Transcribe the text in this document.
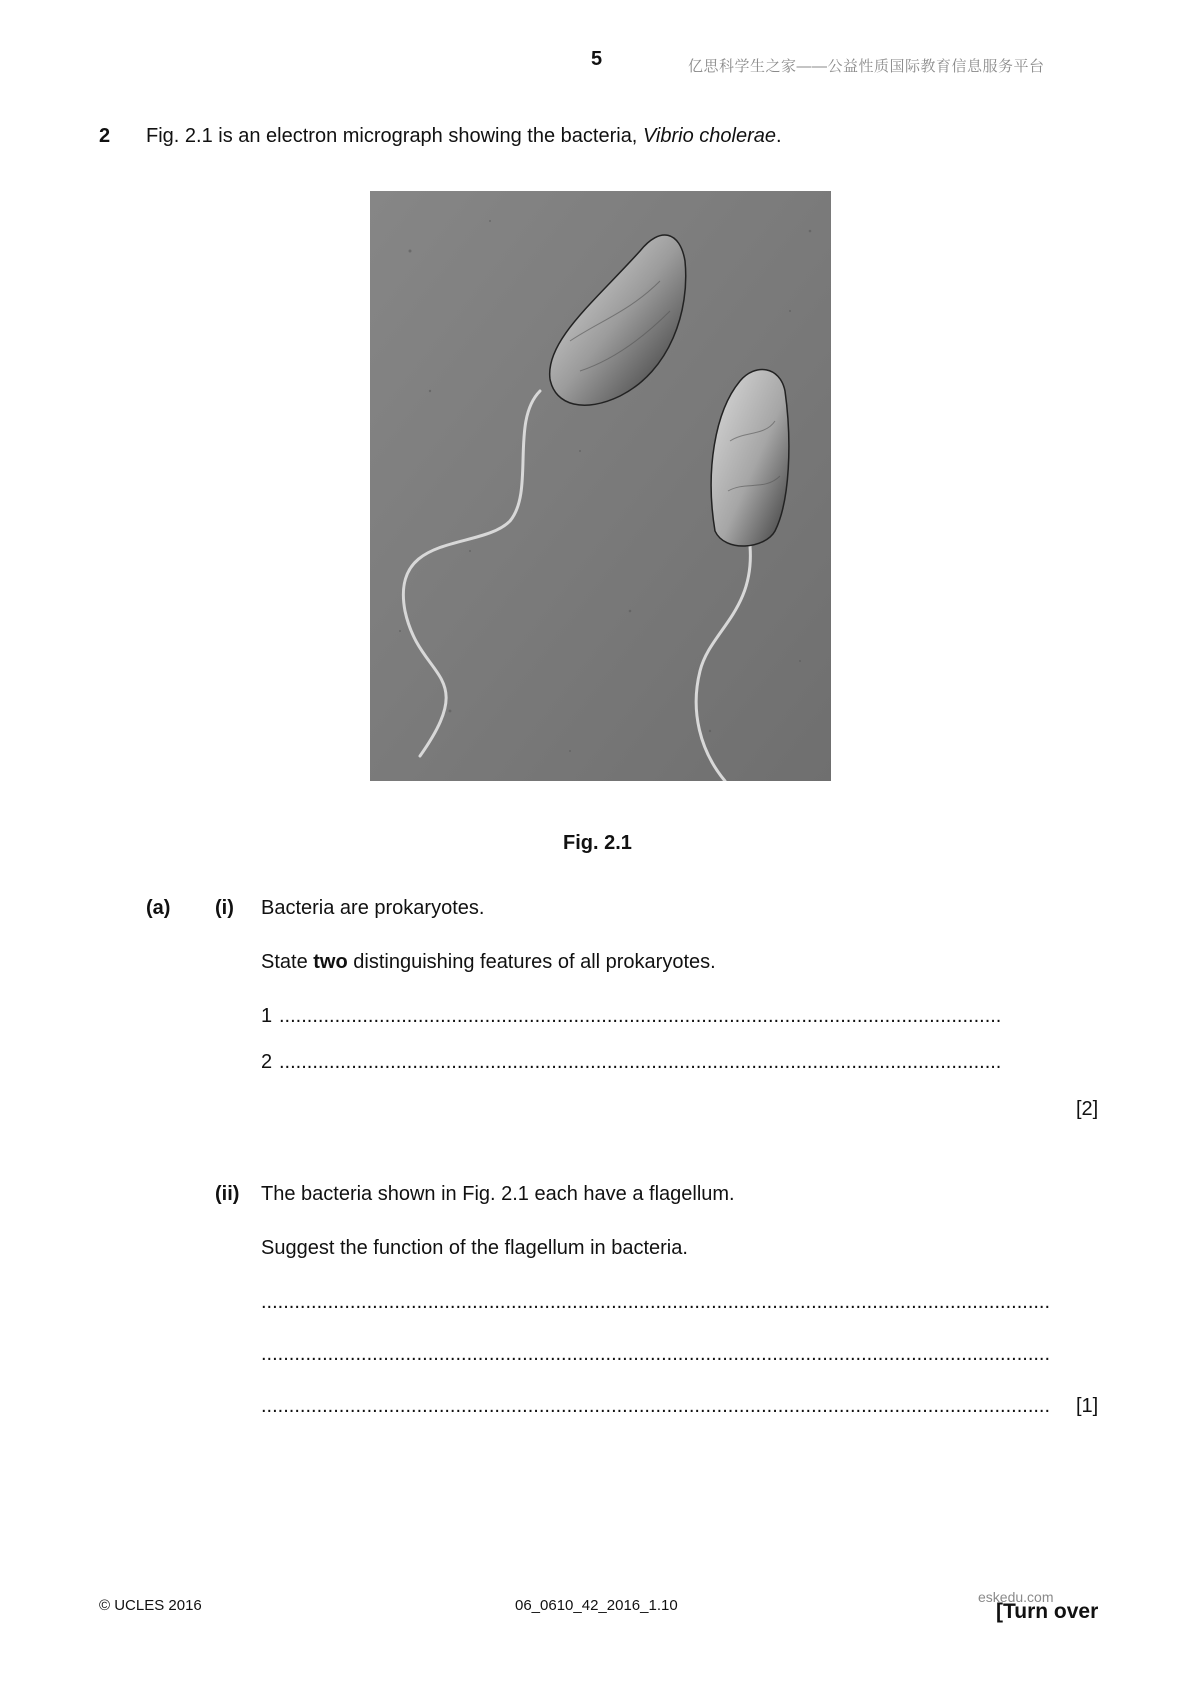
5	亿思科学生之家——公益性质国际教育信息服务平台
2 Fig. 2.1 is an electron micrograph showing the bacteria, Vibrio cholerae.
Fig. 2.1
(a) (i) Bacteria are prokaryotes.
State two distinguishing features of all prokaryotes.
1 ..................................................................................................................................
2 ..................................................................................................................................
[2]
(ii) The bacteria shown in Fig. 2.1 each have a flagellum.
Suggest the function of the flagellum in bacteria.
..............................................................................................................................................
..............................................................................................................................................
.............................................................................................................................................. [1]
© UCLES 2016	06_0610_42_2016_1.10	eskedu.com
[Turn over
